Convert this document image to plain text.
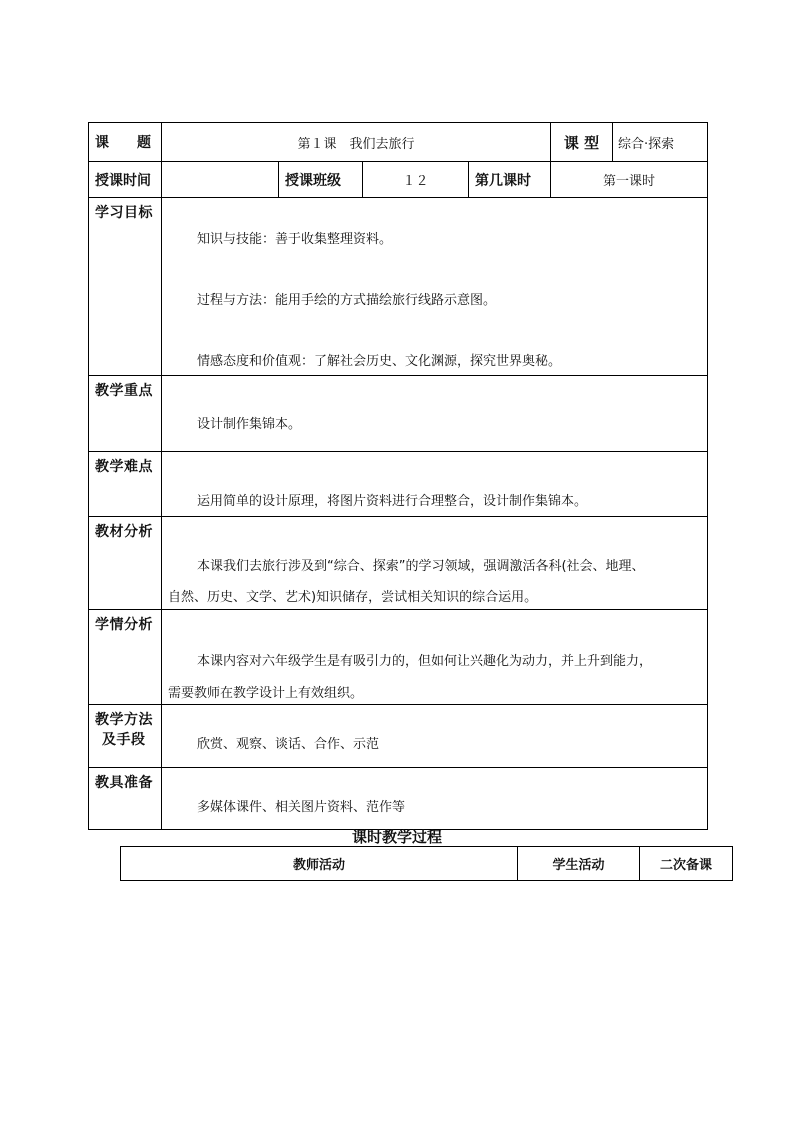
课　　题	第１课　我们去旅行				课 型	综合·探索
授课时间		授课班级	１２	第几课时	第一课时	
学习目标	知识与技能：善于收集整理资料。
过程与方法：能用手绘的方式描绘旅行线路示意图。
情感态度和价值观：了解社会历史、文化渊源，探究世界奥秘。					

教学重点	设计制作集锦本。					

教学难点	运用简单的设计原理，将图片资料进行合理整合，设计制作集锦本。					

教材分析	本课我们去旅行涉及到“综合、探索”的学习领域，强调激活各科(社会、地理、
自然、历史、文学、艺术)知识储存，尝试相关知识的综合运用。					

学情分析	本课内容对六年级学生是有吸引力的，但如何让兴趣化为动力，并上升到能力，
需要教师在教学设计上有效组织。					

教学方法
及手段	欣赏、观察、谈话、合作、示范					

教具准备	多媒体课件、相关图片资料、范作等					
课时教学过程
教师活动	学生活动	二次备课
